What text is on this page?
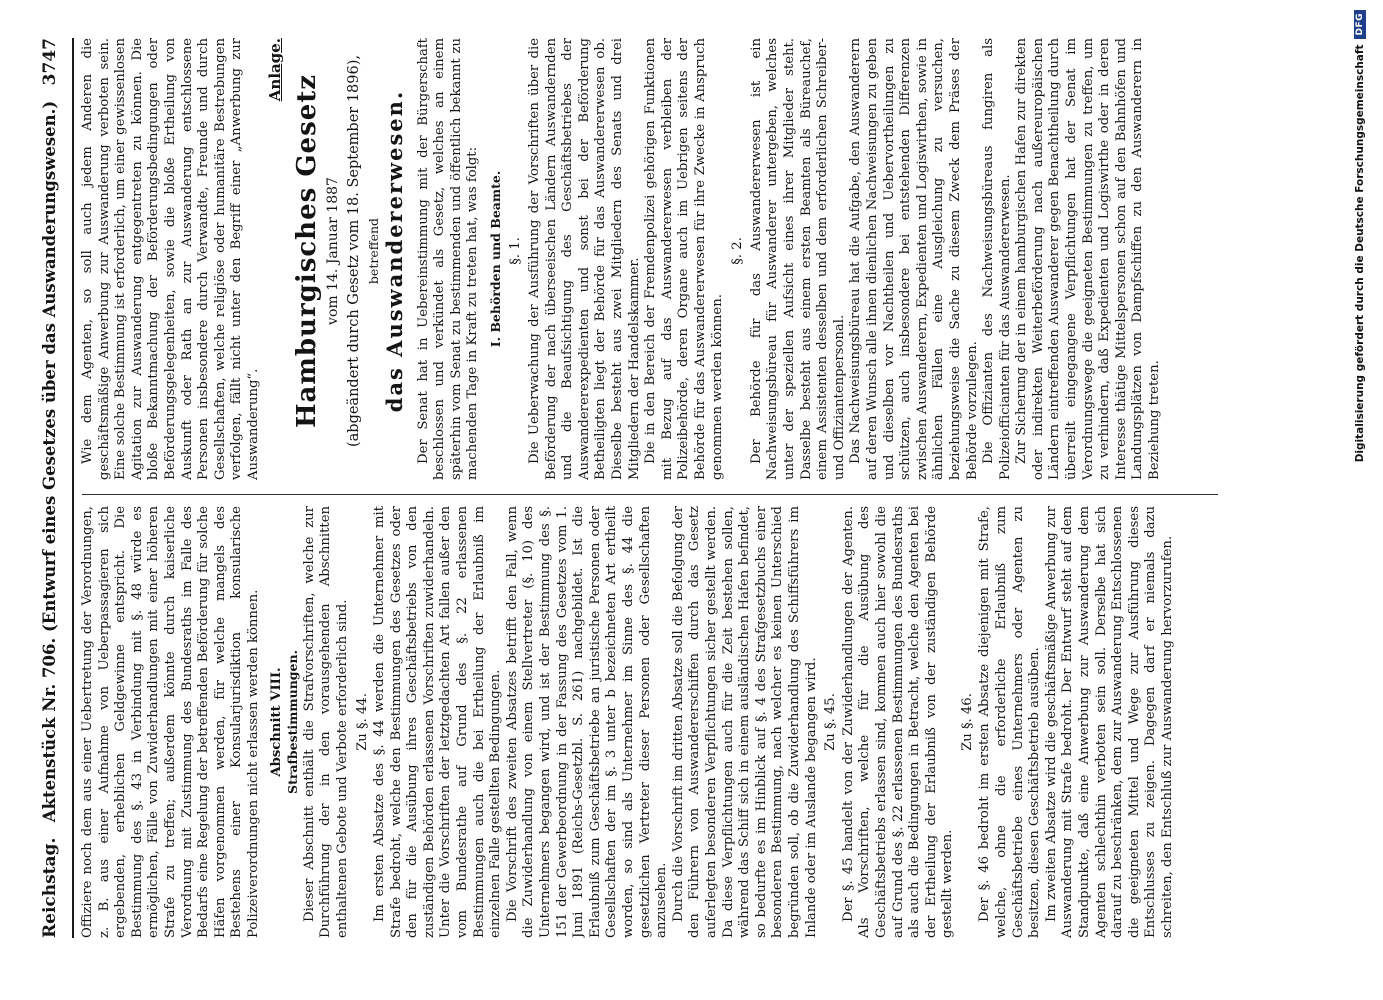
Reichstag.
Aktenstück Nr. 706. (Entwurf eines Gesetzes über das Auswanderungswesen.)
3747

Offiziere noch dem aus einer Uebertretung der Verordnungen, z. B. aus einer Aufnahme von Ueberpassagieren sich ergebenden, erheblichen Geldgewinne entspricht. Die Bestimmung des §. 43 in Verbindung mit §. 48 würde es ermöglichen, Fälle von Zuwiderhandlungen mit einer höheren Strafe zu treffen; außerdem könnte durch kaiserliche Verordnung mit Zustimmung des Bundesraths im Falle des Bedarfs eine Regelung der betreffenden Beförderung für solche Häfen vorgenommen werden, für welche mangels des Bestehens einer Konsularjurisdiktion konsularische Polizeiverordnungen nicht erlassen werden können. Abschnitt VIII. Strafbestimmungen. Dieser Abschnitt enthält die Strafvorschriften, welche zur Durchführung der in den vorausgehenden Abschnitten enthaltenen Gebote und Verbote erforderlich sind. Zu §. 44. Im ersten Absatze des §. 44 werden die Unternehmer mit Strafe bedroht, welche den Bestimmungen des Gesetzes oder den für die Ausübung ihres Geschäftsbetriebs von den zuständigen Behörden erlassenen Vorschriften zuwiderhandeln. Unter die Vorschriften der letztgedachten Art fallen außer den vom Bundesrathe auf Grund des §. 22 erlassenen Bestimmungen auch die bei Ertheilung der Erlaubniß im einzelnen Falle gestellten Bedingungen. Die Vorschrift des zweiten Absatzes betrifft den Fall, wenn die Zuwiderhandlung von einem Stellvertreter (§. 10) des Unternehmers begangen wird, und ist der Bestimmung des §. 151 der Gewerbeordnung in der Fassung des Gesetzes vom 1. Juni 1891 (Reichs-Gesetzbl. S. 261) nachgebildet. Ist die Erlaubniß zum Geschäftsbetriebe an juristische Personen oder Gesellschaften der im §. 3 unter b bezeichneten Art ertheilt worden, so sind als Unternehmer im Sinne des §. 44 die gesetzlichen Vertreter dieser Personen oder Gesellschaften anzusehen. Durch die Vorschrift im dritten Absatze soll die Befolgung der den Führern von Auswandererschiffen durch das Gesetz auferlegten besonderen Verpflichtungen sicher gestellt werden. Da diese Verpflichtungen auch für die Zeit bestehen sollen, während das Schiff sich in einem ausländischen Hafen befindet, so bedurfte es im Hinblick auf §. 4 des Strafgesetzbuchs einer besonderen Bestimmung, nach welcher es keinen Unterschied begründen soll, ob die Zuwiderhandlung des Schiffsführers im Inlande oder im Auslande begangen wird. Zu §. 45. Der §. 45 handelt von der Zuwiderhandlungen der Agenten. Als Vorschriften, welche für die Ausübung des Geschäftsbetriebs erlassen sind, kommen auch hier sowohl die auf Grund des §. 22 erlassenen Bestimmungen des Bundesraths als auch die Bedingungen in Betracht, welche den Agenten bei der Ertheilung der Erlaubniß von der zuständigen Behörde gestellt werden.

Zu §. 46. Der §. 46 bedroht im ersten Absatze diejenigen mit Strafe, welche, ohne die erforderliche Erlaubniß zum Geschäftsbetriebe eines Unternehmers oder Agenten zu besitzen, diesen Geschäftsbetrieb ausüben. Im zweiten Absatze wird die geschäftsmäßige Anwerbung zur Auswanderung mit Strafe bedroht. Der Entwurf steht auf dem Standpunkte, daß eine Anwerbung zur Auswanderung dem Agenten schlechthin verboten sein soll. Derselbe hat sich darauf zu beschränken, dem zur Auswanderung Entschlossenen die geeigneten Mittel und Wege zur Ausführung dieses Entschlusses zu zeigen. Dagegen darf er niemals dazu schreiten, den Entschluß zur Auswanderung hervorzurufen.

Wie dem Agenten, so soll auch jedem Anderen die geschäftsmäßige Anwerbung zur Auswanderung verboten sein. Eine solche Bestimmung ist erforderlich, um einer gewissenlosen Agitation zur Auswanderung entgegentreten zu können. Die bloße Bekanntmachung der Beförderungsbedingungen oder Beförderungsgelegenheiten, sowie die bloße Ertheilung von Auskunft oder Rath an zur Auswanderung entschlossene Personen insbesondere durch Verwandte, Freunde und durch Gesellschaften, welche religiöse oder humanitäre Bestrebungen verfolgen, fällt nicht unter den Begriff einer „Anwerbung zur Auswanderung“.

Anlage.

Hamburgisches Gesetz vom 14. Januar 1887 (abgeändert durch Gesetz vom 18. September 1896), betreffend das Auswandererwesen. Der Senat hat in Uebereinstimmung mit der Bürgerschaft beschlossen und verkündet als Gesetz, welches an einem späterhin vom Senat zu bestimmenden und öffentlich bekannt zu machenden Tage in Kraft zu treten hat, was folgt: I. Behörden und Beamte. §. 1. Die Ueberwachung der Ausführung der Vorschriften über die Beförderung der nach überseeischen Ländern Auswandernden und die Beaufsichtigung des Geschäftsbetriebes der Auswandererexpedienten und sonst bei der Beförderung Betheiligten liegt der Behörde für das Auswandererwesen ob. Dieselbe besteht aus zwei Mitgliedern des Senats und drei Mitgliedern der Handelskammer. Die in den Bereich der Fremdenpolizei gehörigen Funktionen mit Bezug auf das Auswandererwesen verbleiben der Polizeibehörde, deren Organe auch im Uebrigen seitens der Behörde für das Auswandererwesen für ihre Zwecke in Anspruch genommen werden können.

§. 2. Der Behörde für das Auswandererwesen ist ein Nachweisungsbüreau für Auswanderer untergeben, welches unter der speziellen Aufsicht eines ihrer Mitglieder steht. Dasselbe besteht aus einem ersten Beamten als Büreauchef, einem Assistenten desselben und dem erforderlichen Schreiber- und Offiziantenpersonal. Das Nachweisungsbüreau hat die Aufgabe, den Auswanderern auf deren Wunsch alle ihnen dienlichen Nachweisungen zu geben und dieselben vor Nachtheilen und Uebervortheilungen zu schützen, auch insbesondere bei entstehenden Differenzen zwischen Auswanderern, Expedienten und Logiswirthen, sowie in ähnlichen Fällen eine Ausgleichung zu versuchen, beziehungsweise die Sache zu diesem Zweck dem Präses der Behörde vorzulegen. Die Offizianten des Nachweisungsbüreaus fungiren als Polizeiofficianten für das Auswandererwesen. Zur Sicherung der in einem hamburgischen Hafen zur direkten oder indirekten Weiterbeförderung nach außereuropäischen Ländern eintreffenden Auswanderer gegen Benachtheilung durch überreilt eingegangene Verpflichtungen hat der Senat im Verordnungswege die geeigneten Bestimmungen zu treffen, um zu verhindern, daß Expedienten und Logiswirthe oder in deren Interesse thätige Mittelspersonen schon auf den Bahnhöfen und Landungsplätzen von Dampfschiffen zu den Auswanderern in Beziehung treten.	Digitalisierung gefördert durch die Deutsche Forschungsgemeinschaft
DFG
